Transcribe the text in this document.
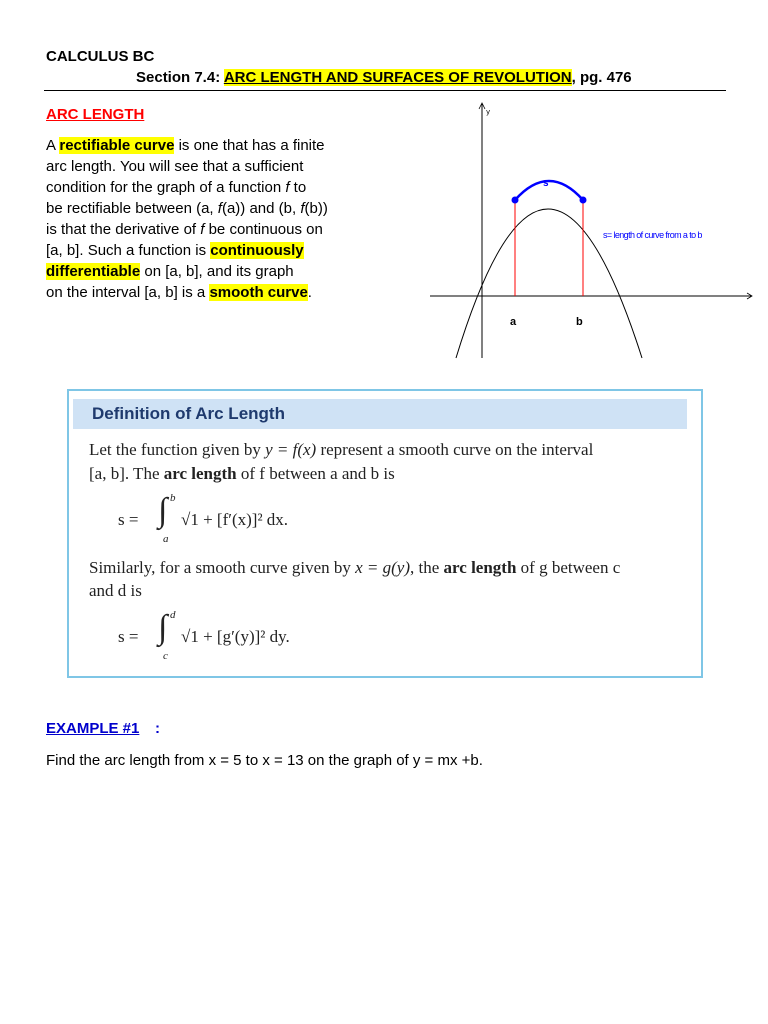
CALCULUS BC
Section 7.4: ARC LENGTH AND SURFACES OF REVOLUTION, pg. 476
ARC LENGTH
A rectifiable curve is one that has a finite
arc length. You will see that a sufficient
condition for the graph of a function f to
be rectifiable between (a, f(a)) and (b, f(b))
is that the derivative of f be continuous on
[a, b]. Such a function is continuously
differentiable on [a, b], and its graph
on the interval [a, b] is a smooth curve.
y
s
a	b
s= length of curve from a to b
Definition of Arc Length
Let the function given by y = f(x) represent a smooth curve on the interval
[a, b]. The arc length of f between a and b is
s = ∫ b
a
√1 + [f′(x)]² dx.
Similarly, for a smooth curve given by x = g(y), the arc length of g between c
and d is
s = ∫ d
c
√1 + [g′(y)]² dy.
EXAMPLE #1 :
Find the arc length from x = 5 to x = 13 on the graph of y = mx +b.
